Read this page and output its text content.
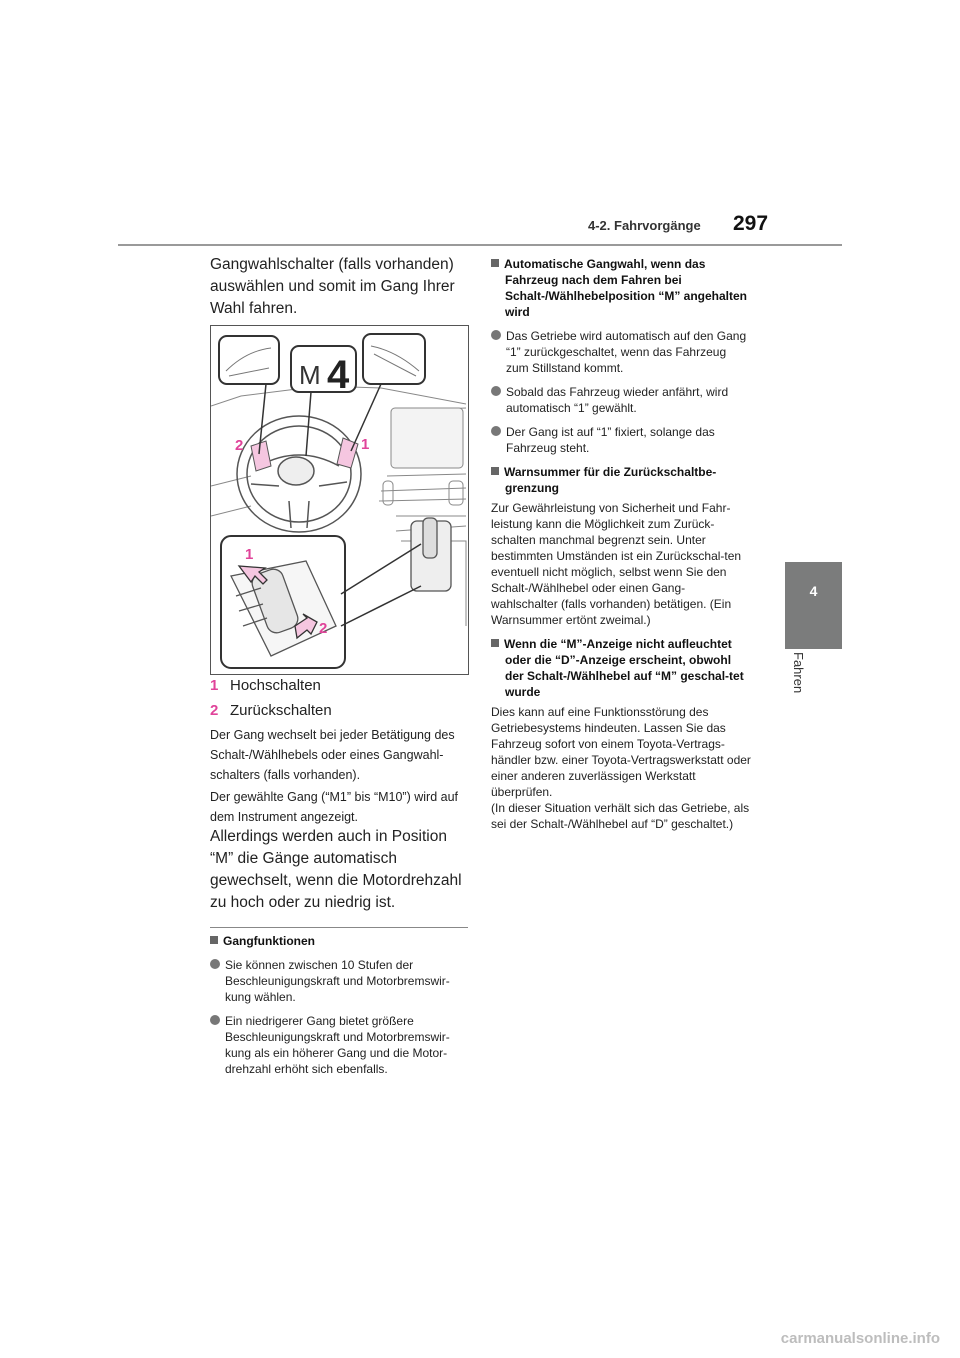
4-2. Fahrvorgänge 297
4
Fahren
Gangwahlschalter (falls vorhanden) auswählen und somit im Gang Ihrer Wahl fahren.
M 4
2	1
1
2
1 Hochschalten
2 Zurückschalten
Der Gang wechselt bei jeder Betätigung des Schalt-/Wählhebels oder eines Gangwahl-schalters (falls vorhanden).
Der gewählte Gang (“M1” bis “M10”) wird auf dem Instrument angezeigt.
Allerdings werden auch in Position “M” die Gänge automatisch gewechselt, wenn die Motordrehzahl zu hoch oder zu niedrig ist.
Gangfunktionen
Sie können zwischen 10 Stufen der Beschleunigungskraft und Motorbremswir-kung wählen.
Ein niedrigerer Gang bietet größere Beschleunigungskraft und Motorbremswir-kung als ein höherer Gang und die Motor-drehzahl erhöht sich ebenfalls.
Automatische Gangwahl, wenn das Fahrzeug nach dem Fahren bei Schalt-/Wählhebelposition “M” angehalten wird
Das Getriebe wird automatisch auf den Gang “1” zurückgeschaltet, wenn das Fahrzeug zum Stillstand kommt.
Sobald das Fahrzeug wieder anfährt, wird automatisch “1” gewählt.
Der Gang ist auf “1” fixiert, solange das Fahrzeug steht.
Warnsummer für die Zurückschaltbe-grenzung
Zur Gewährleistung von Sicherheit und Fahr-leistung kann die Möglichkeit zum Zurück-schalten manchmal begrenzt sein. Unter bestimmten Umständen ist ein Zurückschal-ten eventuell nicht möglich, selbst wenn Sie den Schalt-/Wählhebel oder einen Gang-wahlschalter (falls vorhanden) betätigen. (Ein Warnsummer ertönt zweimal.)
Wenn die “M”-Anzeige nicht aufleuchtet oder die “D”-Anzeige erscheint, obwohl der Schalt-/Wählhebel auf “M” geschal-tet wurde
Dies kann auf eine Funktionsstörung des Getriebesystems hindeuten. Lassen Sie das Fahrzeug sofort von einem Toyota-Vertrags-händler bzw. einer Toyota-Vertragswerkstatt oder einer anderen zuverlässigen Werkstatt überprüfen.
(In dieser Situation verhält sich das Getriebe, als sei der Schalt-/Wählhebel auf “D” geschaltet.)
carmanualsonline.info
